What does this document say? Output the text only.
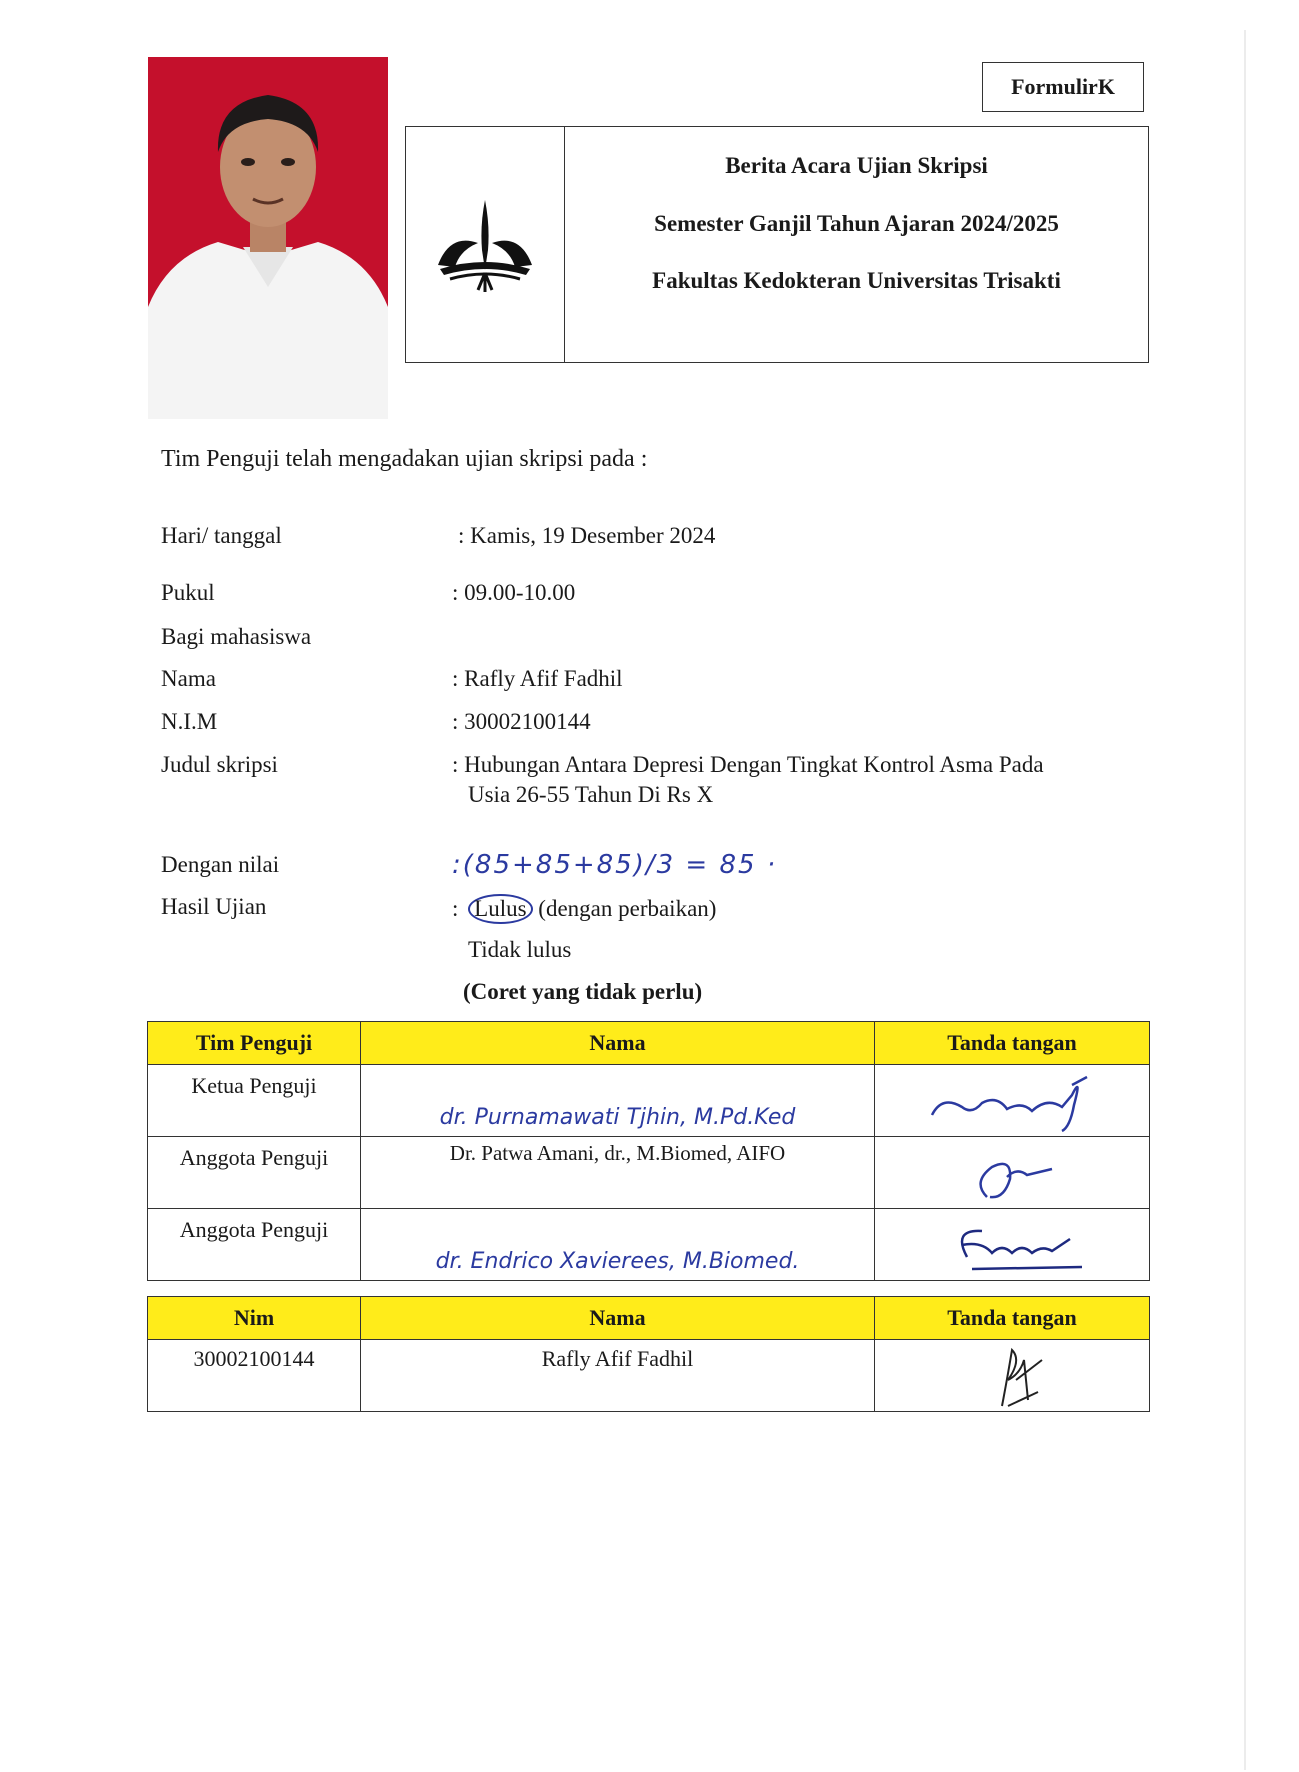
FormulirK
Berita Acara Ujian Skripsi
Semester Ganjil Tahun Ajaran 2024/2025
Fakultas Kedokteran Universitas Trisakti
Tim Penguji telah mengadakan ujian skripsi pada :
Hari/ tanggal	: Kamis, 19 Desember 2024
Pukul	: 09.00-10.00
Bagi mahasiswa
Nama	: Rafly Afif Fadhil
N.I.M	: 30002100144
Judul skripsi	: Hubungan Antara Depresi Dengan Tingkat Kontrol Asma Pada
Usia 26-55 Tahun Di Rs X
Dengan nilai	:(85+85+85)/3 = 85 ·
Hasil Ujian	: Lulus (dengan perbaikan)
Tidak lulus
(Coret yang tidak perlu)
Tim Penguji	Nama	Tanda tangan
Ketua Penguji	dr. Purnamawati Tjhin, M.Pd.Ked	

Anggota Penguji	Dr. Patwa Amani, dr., M.Biomed, AIFO	

Anggota Penguji	dr. Endrico Xavierees, M.Biomed.	
Nim	Nama	Tanda tangan
30002100144	Rafly Afif Fadhil	
